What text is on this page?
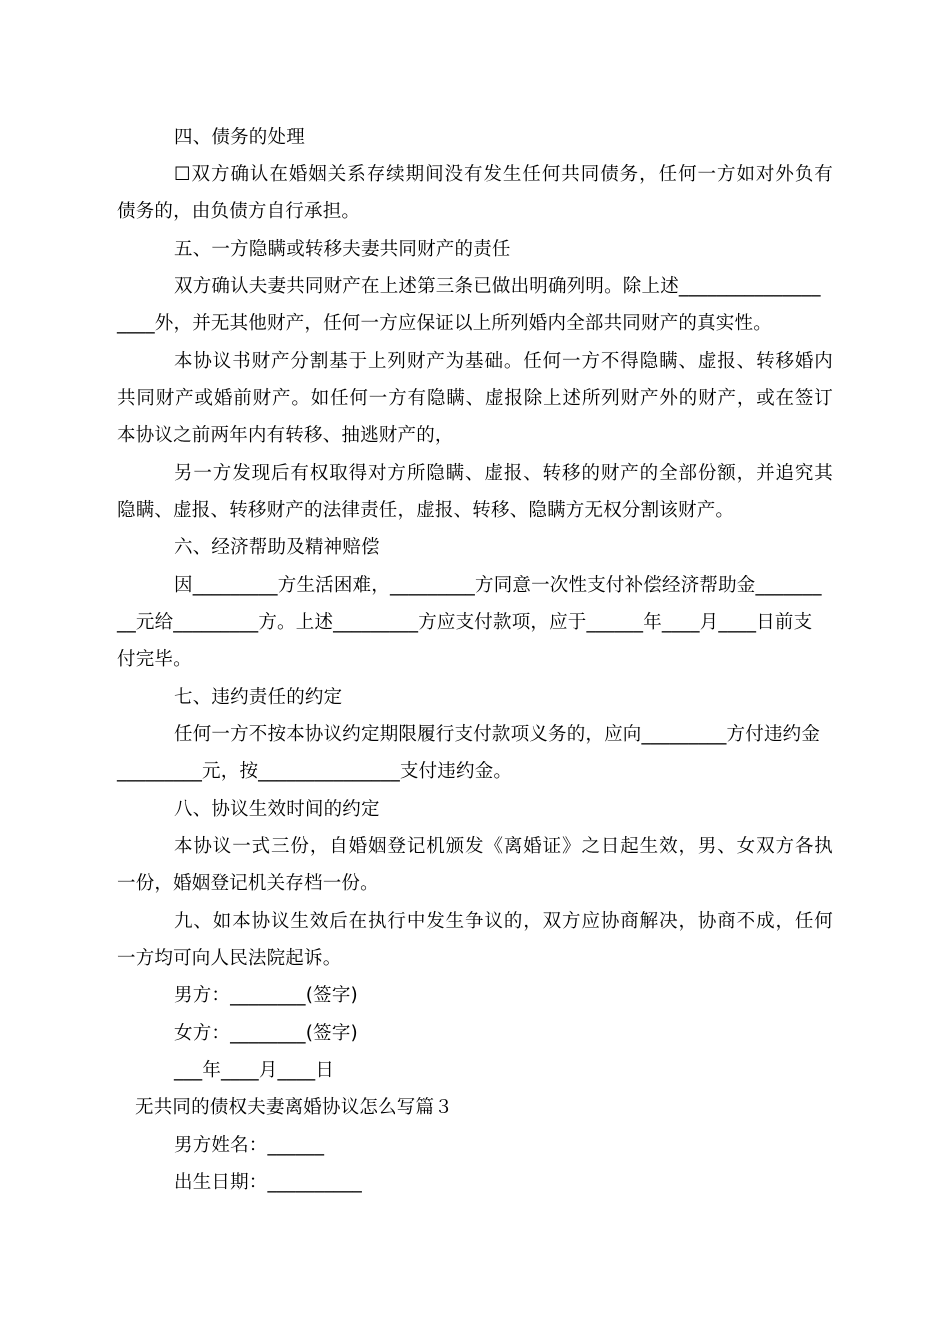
四、债务的处理
☐双方确认在婚姻关系存续期间没有发生任何共同债务，任何一方如对外负有
债务的，由负债方自行承担。
五、一方隐瞒或转移夫妻共同财产的责任
双方确认夫妻共同财产在上述第三条已做出明确列明。除上述_______________
____外，并无其他财产，任何一方应保证以上所列婚内全部共同财产的真实性。
本协议书财产分割基于上列财产为基础。任何一方不得隐瞒、虚报、转移婚内
共同财产或婚前财产。如任何一方有隐瞒、虚报除上述所列财产外的财产，或在签订
本协议之前两年内有转移、抽逃财产的，
另一方发现后有权取得对方所隐瞒、虚报、转移的财产的全部份额，并追究其
隐瞒、虚报、转移财产的法律责任，虚报、转移、隐瞒方无权分割该财产。
六、经济帮助及精神赔偿
因_________方生活困难，_________方同意一次性支付补偿经济帮助金_______
__元给_________方。上述_________方应支付款项，应于______年____月____日前支
付完毕。
七、违约责任的约定
任何一方不按本协议约定期限履行支付款项义务的，应向_________方付违约金
_________元，按_______________支付违约金。
八、协议生效时间的约定
本协议一式三份，自婚姻登记机颁发《离婚证》之日起生效，男、女双方各执
一份，婚姻登记机关存档一份。
九、如本协议生效后在执行中发生争议的，双方应协商解决，协商不成，任何
一方均可向人民法院起诉。
男方：________(签字)
女方：________(签字)
___年____月____日
无共同的债权夫妻离婚协议怎么写篇３
男方姓名：______
出生日期：__________
